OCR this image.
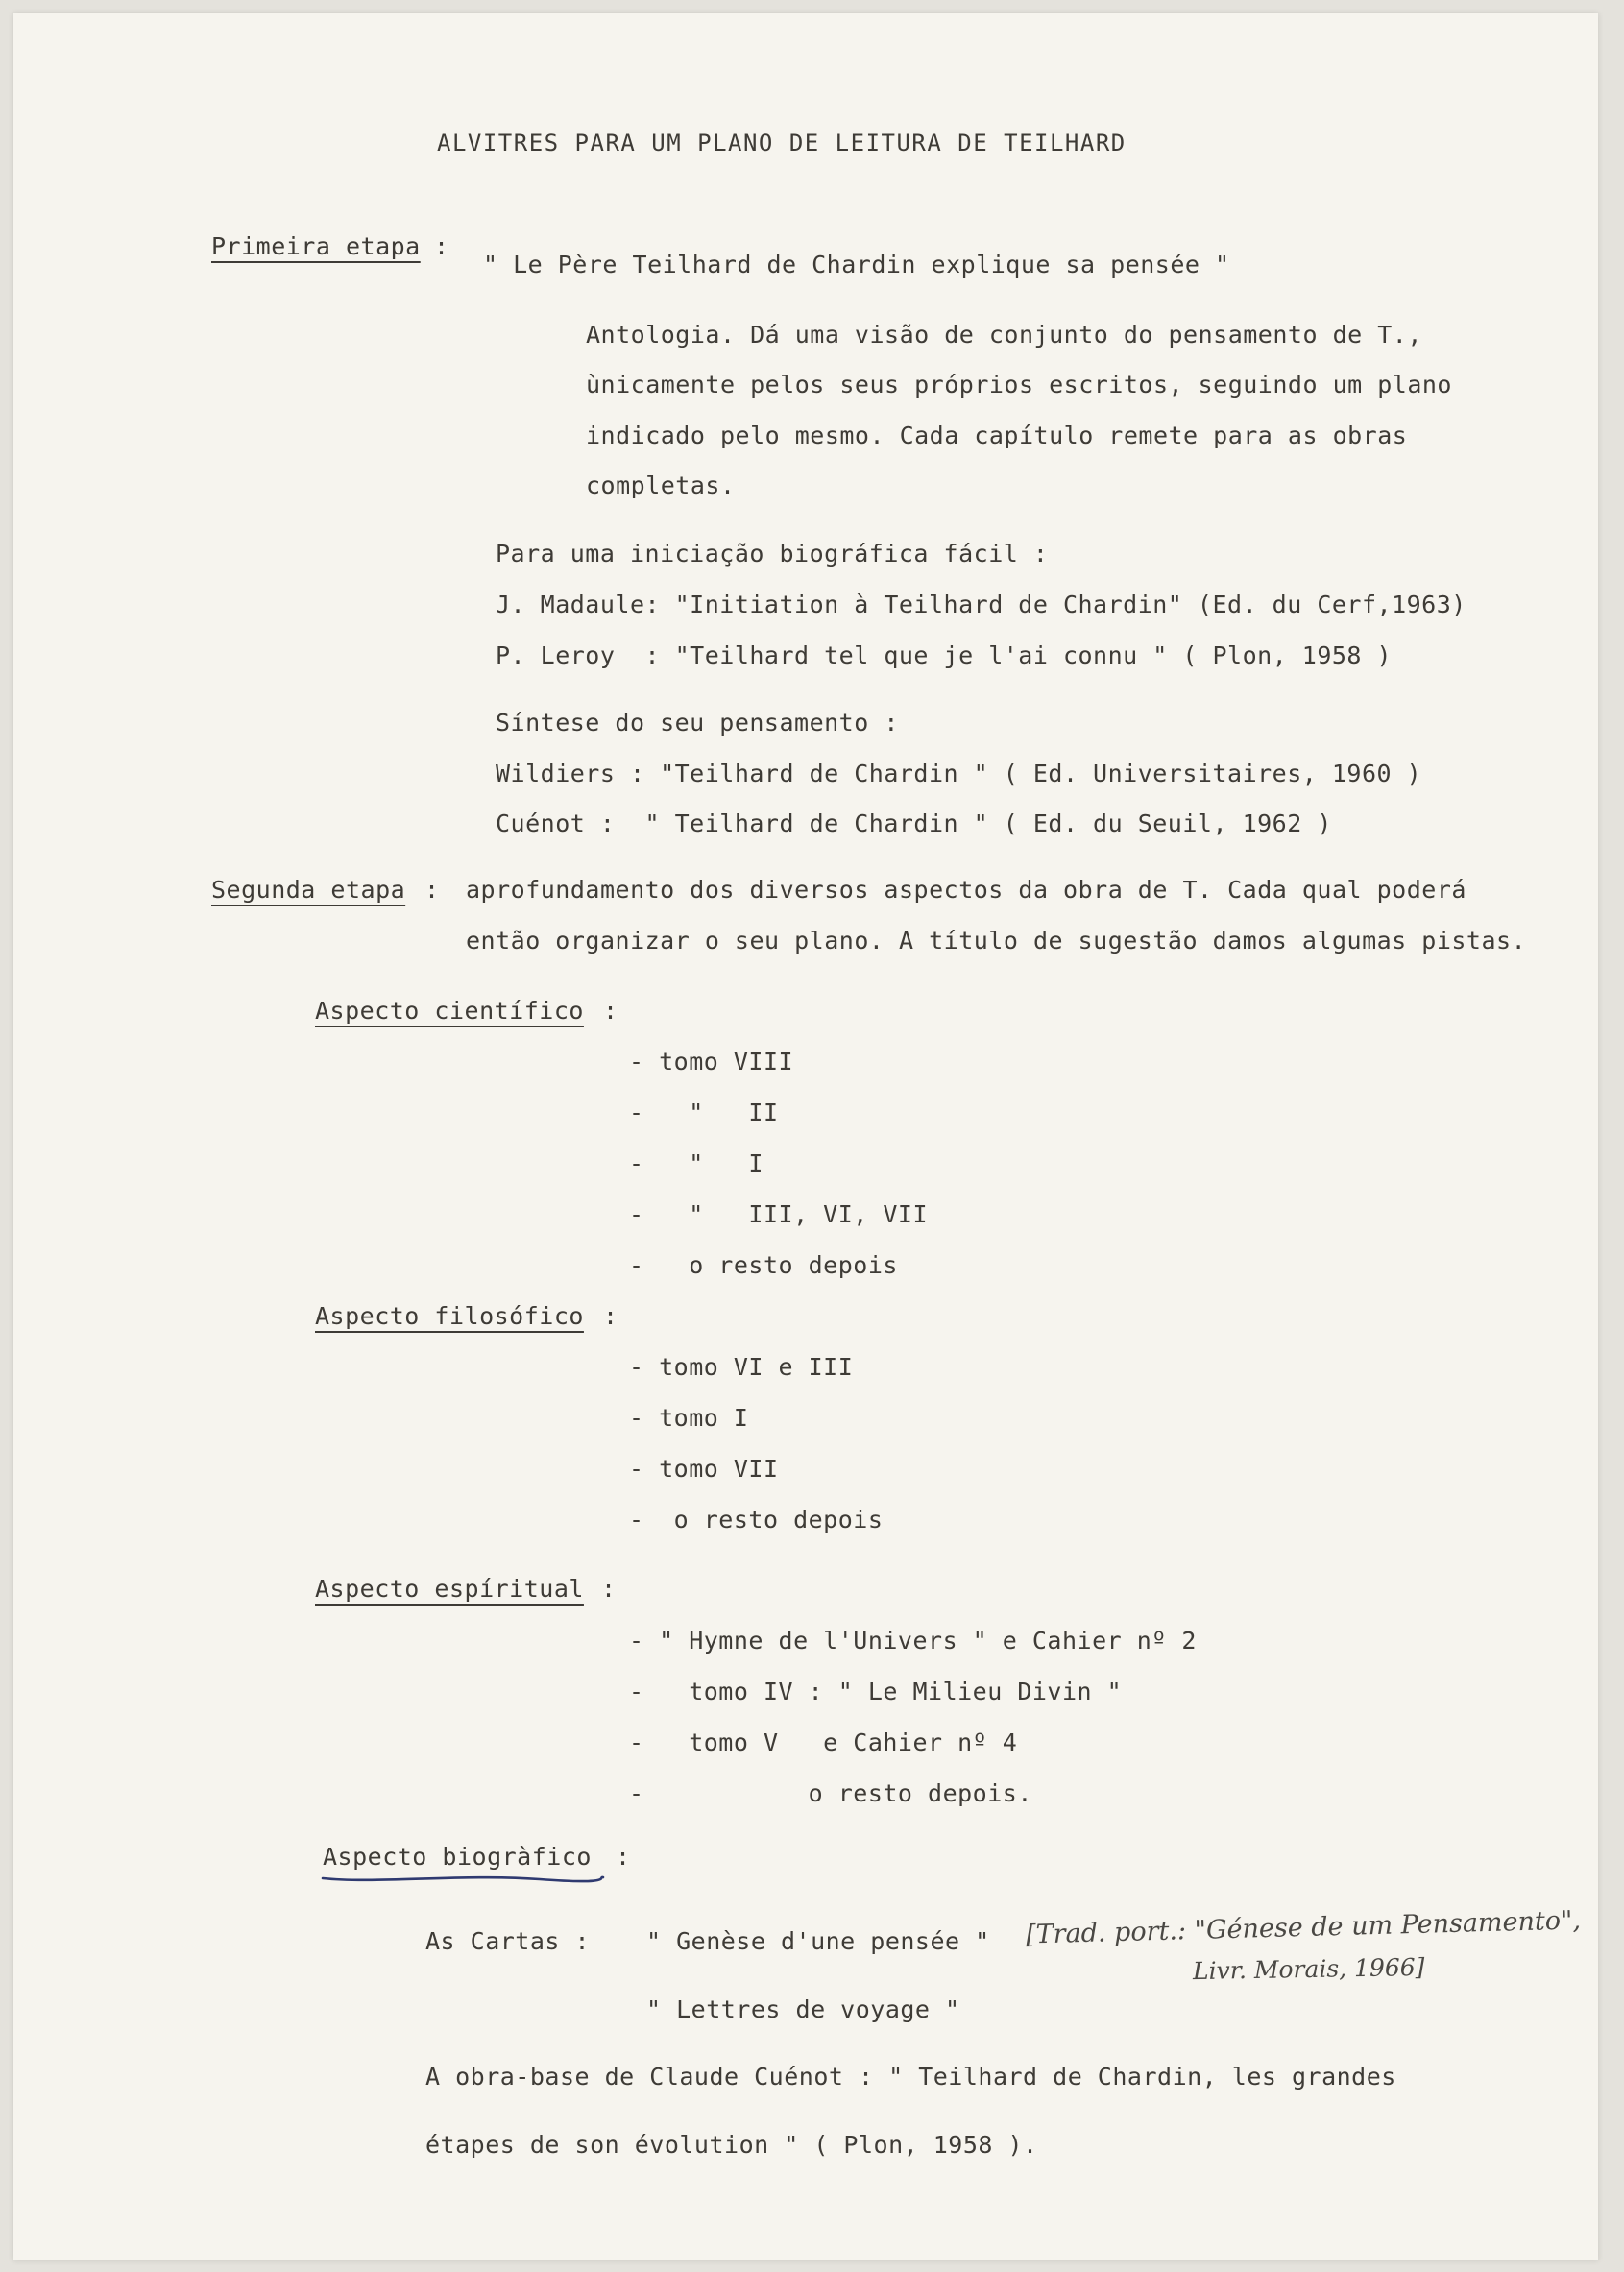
ALVITRES PARA UM PLANO DE LEITURA DE TEILHARD
Primeira etapa :
" Le Père Teilhard de Chardin explique sa pensée "
Antologia. Dá uma visão de conjunto do pensamento de T.,
ùnicamente pelos seus próprios escritos, seguindo um plano
indicado pelo mesmo. Cada capítulo remete para as obras
completas.
Para uma iniciação biográfica fácil :
J. Madaule: "Initiation à Teilhard de Chardin" (Ed. du Cerf,1963)
P. Leroy  : "Teilhard tel que je l'ai connu " ( Plon, 1958 )
Síntese do seu pensamento :
Wildiers : "Teilhard de Chardin " ( Ed. Universitaires, 1960 )
Cuénot :  " Teilhard de Chardin " ( Ed. du Seuil, 1962 )
Segunda etapa : aprofundamento dos diversos aspectos da obra de T. Cada qual poderá
então organizar o seu plano. A título de sugestão damos algumas pistas.
Aspecto científico :
- tomo VIII
-   "   II
-   "   I
-   "   III, VI, VII
-   o resto depois
Aspecto filosófico :
- tomo VI e III
- tomo I
- tomo VII
-  o resto depois
Aspecto espíritual :
- " Hymne de l'Univers " e Cahier nº 2
-   tomo IV : " Le Milieu Divin "
-   tomo V   e Cahier nº 4
-           o resto depois.
Aspecto biogràfico :
As Cartas : " Genèse d'une pensée "
" Lettres de voyage "
[Trad. port.: "Génese de um Pensamento",
Livr. Morais, 1966]
A obra-base de Claude Cuénot : " Teilhard de Chardin, les grandes
étapes de son évolution " ( Plon, 1958 ).
